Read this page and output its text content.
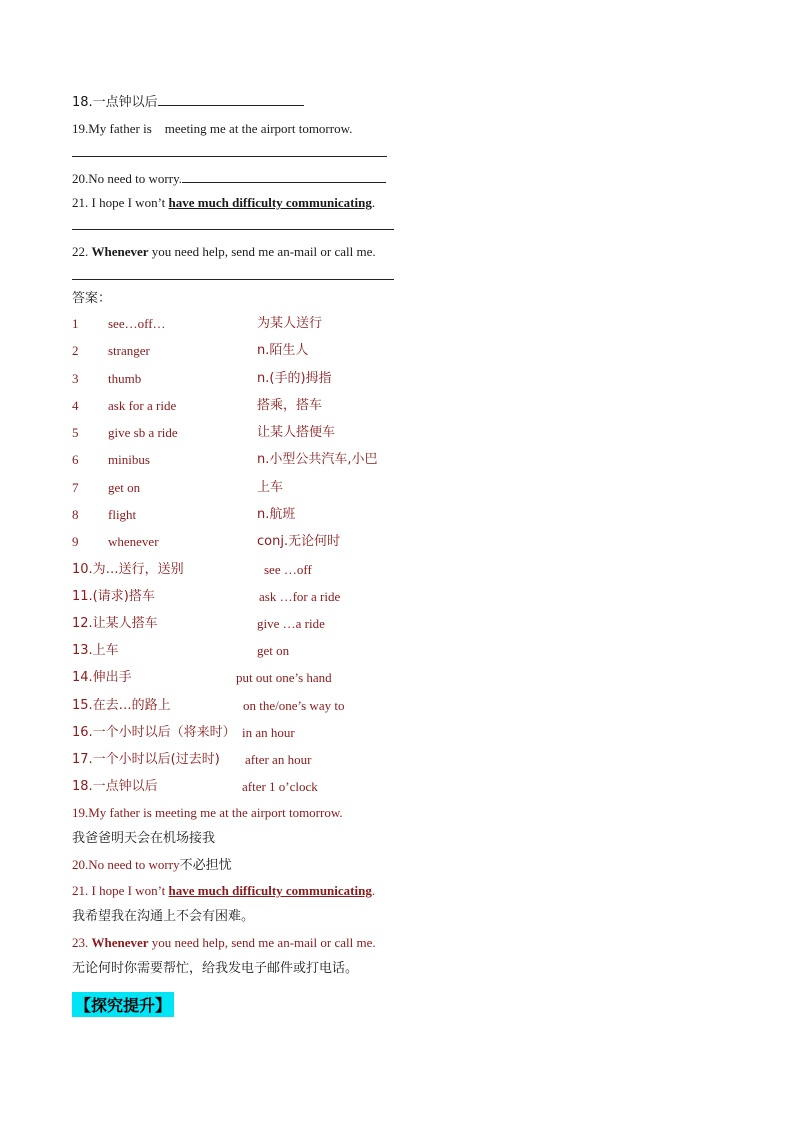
18.一点钟以后
19.My father is    meeting me at the airport tomorrow.
20.No need to worry.
21. I hope I won’t have much difficulty communicating.
22. Whenever you need help, send me an-mail or call me.
答案：
1 see…off…	为某人送行
2 stranger	n.陌生人
3 thumb	n.(手的)拇指
4 ask for a ride	搭乘，搭车
5 give sb a ride	让某人搭便车
6 minibus	n.小型公共汽车,小巴
7 get on	上车
8 flight	n.航班
9 whenever	conj.无论何时
10.为…送行，送别	see …off
11.(请求)搭车	ask …for a ride
12.让某人搭车	give …a ride
13.上车	get on
14.伸出手	put out one’s hand
15.在去…的路上	on the/one’s way to
16.一个小时以后（将来时） in an hour
17.一个小时以后(过去时) after an hour
18.一点钟以后	after 1 o’clock
19.My father is meeting me at the airport tomorrow.
我爸爸明天会在机场接我
20.No need to worry不必担忧
21. I hope I won’t have much difficulty communicating.
我希望我在沟通上不会有困难。
23. Whenever you need help, send me an-mail or call me.
无论何时你需要帮忙，给我发电子邮件或打电话。
【探究提升】
